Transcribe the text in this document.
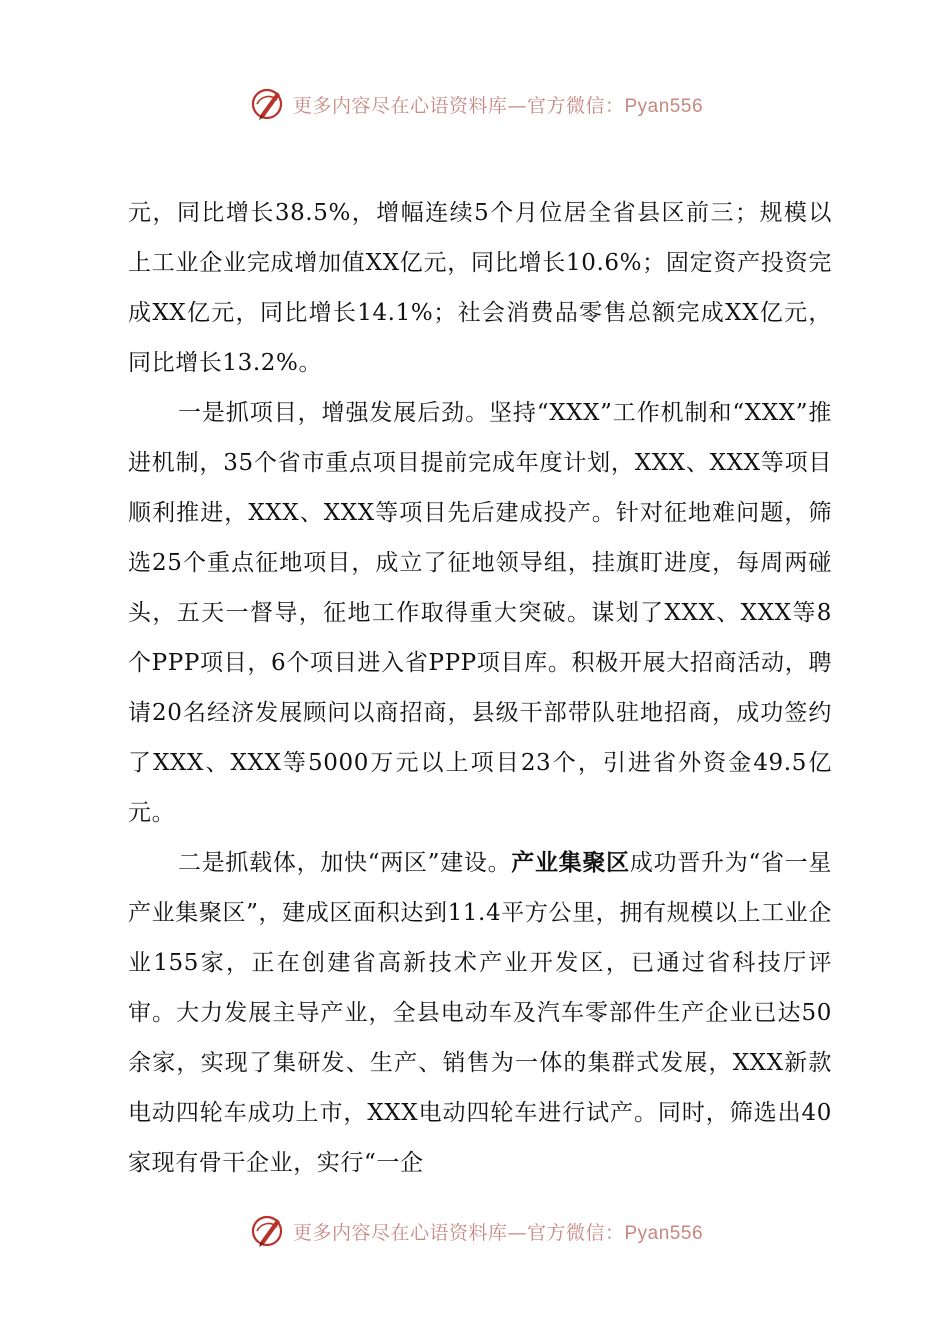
更多内容尽在心语资料库—官方微信：Pyan556

元，同比增长38.5%，增幅连续5个月位居全省县区前三；规模以上工业企业完成增加值XX亿元，同比增长10.6%；固定资产投资完成XX亿元，同比增长14.1%；社会消费品零售总额完成XX亿元，同比增长13.2%。

一是抓项目，增强发展后劲。坚持“XXX”工作机制和“XXX”推进机制，35个省市重点项目提前完成年度计划，XXX、XXX等项目顺利推进，XXX、XXX等项目先后建成投产。针对征地难问题，筛选25个重点征地项目，成立了征地领导组，挂旗盯进度，每周两碰头，五天一督导，征地工作取得重大突破。谋划了XXX、XXX等8个PPP项目，6个项目进入省PPP项目库。积极开展大招商活动，聘请20名经济发展顾问以商招商，县级干部带队驻地招商，成功签约了XXX、XXX等5000万元以上项目23个，引进省外资金49.5亿元。

二是抓载体，加快“两区”建设。产业集聚区成功晋升为“省一星产业集聚区”，建成区面积达到11.4平方公里，拥有规模以上工业企业155家，正在创建省高新技术产业开发区，已通过省科技厅评审。大力发展主导产业，全县电动车及汽车零部件生产企业已达50余家，实现了集研发、生产、销售为一体的集群式发展，XXX新款电动四轮车成功上市，XXX电动四轮车进行试产。同时，筛选出40家现有骨干企业，实行“一企

更多内容尽在心语资料库—官方微信：Pyan556
